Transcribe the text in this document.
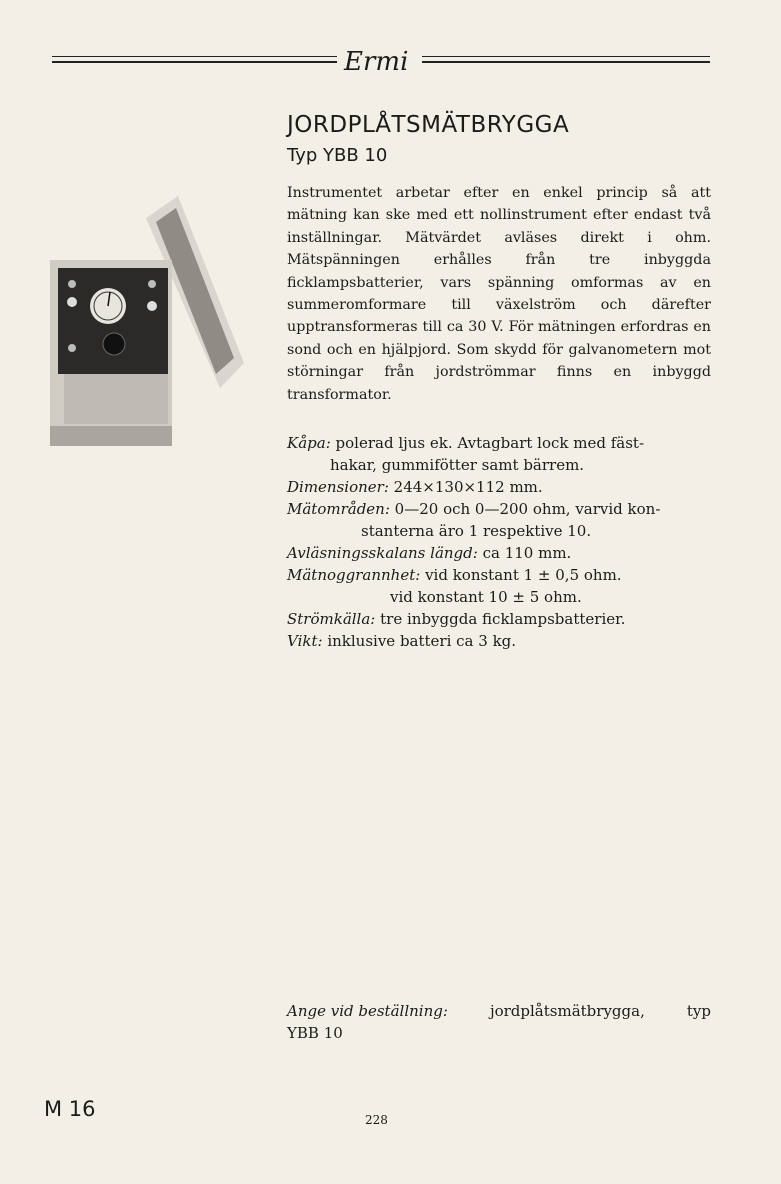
Ermi
JORDPLÅTSMÄTBRYGGA
Typ YBB 10

Instrumentet arbetar efter en enkel princip så att mätning kan ske med ett nollinstrument efter endast två inställningar. Mätvärdet avläses direkt i ohm. Mätspänningen erhålles från tre inbyggda ficklampsbatterier, vars spänning omformas av en summeromformare till växelström och därefter upptransformeras till ca 30 V. För mätningen erfordras en sond och en hjälpjord. Som skydd för galvanometern mot störningar från jordströmmar finns en inbyggd transformator.

Kåpa: polerad ljus ek. Avtagbart lock med fäst-

hakar, gummifötter samt bärrem.

Dimensioner: 244×130×112 mm.

Mätområden: 0—20 och 0—200 ohm, varvid kon-

stanterna äro 1 respektive 10.

Avläsningsskalans längd: ca 110 mm.

Mätnoggrannhet: vid konstant 1 ± 0,5 ohm.

vid konstant 10 ± 5 ohm.

Strömkälla: tre inbyggda ficklampsbatterier.

Vikt: inklusive batteri ca 3 kg.

Ange vid beställning:	jordplåtsmätbrygga,	typ
YBB 10
M 16	228
